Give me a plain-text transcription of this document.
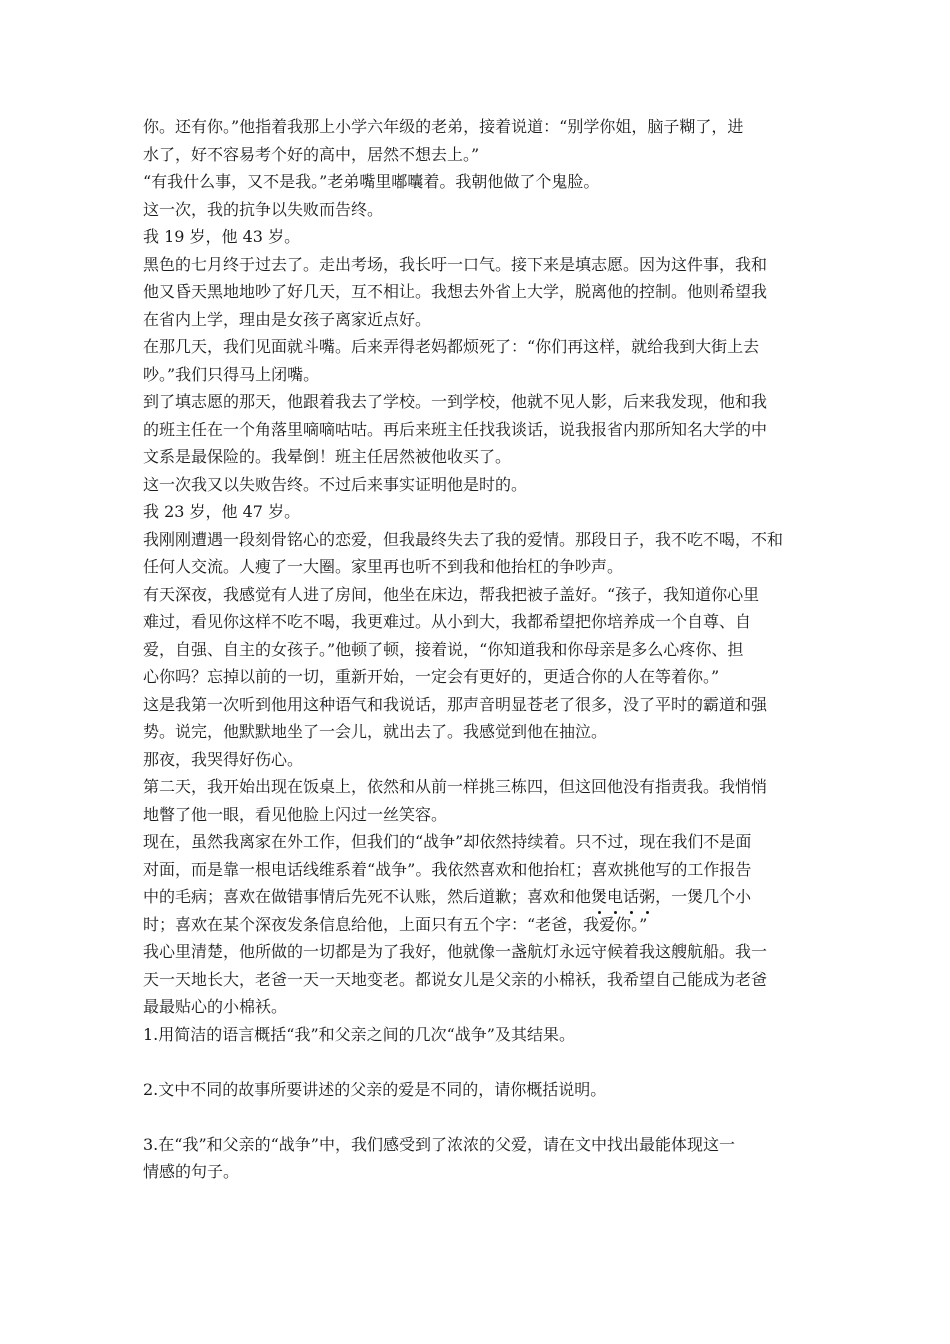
你。还有你。”他指着我那上小学六年级的老弟，接着说道：“别学你姐，脑子糊了，进

水了，好不容易考个好的高中，居然不想去上。”

“有我什么事，又不是我。”老弟嘴里嘟囔着。我朝他做了个鬼脸。

这一次，我的抗争以失败而告终。

我 19 岁，他 43 岁。

黑色的七月终于过去了。走出考场，我长吁一口气。接下来是填志愿。因为这件事，我和

他又昏天黑地地吵了好几天，互不相让。我想去外省上大学，脱离他的控制。他则希望我

在省内上学，理由是女孩子离家近点好。

在那几天，我们见面就斗嘴。后来弄得老妈都烦死了：“你们再这样，就给我到大街上去

吵。”我们只得马上闭嘴。

到了填志愿的那天，他跟着我去了学校。一到学校，他就不见人影，后来我发现，他和我

的班主任在一个角落里嘀嘀咕咕。再后来班主任找我谈话，说我报省内那所知名大学的中

文系是最保险的。我晕倒！班主任居然被他收买了。

这一次我又以失败告终。不过后来事实证明他是时的。

我 23 岁，他 47 岁。

我刚刚遭遇一段刻骨铭心的恋爱，但我最终失去了我的爱情。那段日子，我不吃不喝，不和

任何人交流。人瘦了一大圈。家里再也听不到我和他抬杠的争吵声。

有天深夜，我感觉有人进了房间，他坐在床边，帮我把被子盖好。“孩子，我知道你心里

难过，看见你这样不吃不喝，我更难过。从小到大，我都希望把你培养成一个自尊、自

爱，自强、自主的女孩子。”他顿了顿，接着说，“你知道我和你母亲是多么心疼你、担

心你吗？忘掉以前的一切，重新开始，一定会有更好的，更适合你的人在等着你。”

这是我第一次听到他用这种语气和我说话，那声音明显苍老了很多，没了平时的霸道和强

势。说完，他默默地坐了一会儿，就出去了。我感觉到他在抽泣。

那夜，我哭得好伤心。

第二天，我开始出现在饭桌上，依然和从前一样挑三栋四，但这回他没有指责我。我悄悄

地瞥了他一眼，看见他脸上闪过一丝笑容。

现在，虽然我离家在外工作，但我们的“战争”却依然持续着。只不过，现在我们不是面

对面，而是靠一根电话线维系着“战争”。我依然喜欢和他抬杠；喜欢挑他写的工作报告

中的毛病；喜欢在做错事情后先死不认账，然后道歉；喜欢和他煲电话粥，一煲几个小

时；喜欢在某个深夜发条信息给他，上面只有五个字：“老爸，我爱你。”

我心里清楚，他所做的一切都是为了我好，他就像一盏航灯永远守候着我这艘航船。我一

天一天地长大，老爸一天一天地变老。都说女儿是父亲的小棉袄，我希望自己能成为老爸

最最贴心的小棉袄。

1.用简洁的语言概括“我”和父亲之间的几次“战争”及其结果。

2.文中不同的故事所要讲述的父亲的爱是不同的，请你概括说明。

3.在“我”和父亲的“战争”中，我们感受到了浓浓的父爱，请在文中找出最能体现这一

情感的句子。
